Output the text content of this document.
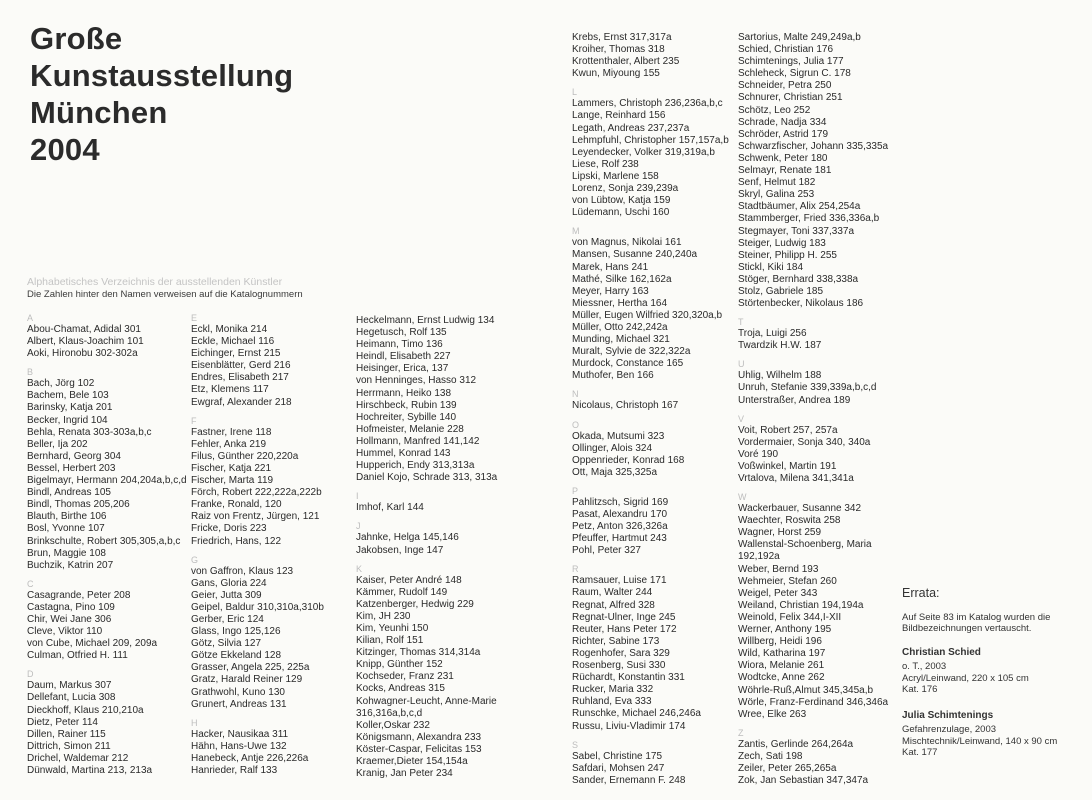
Große
Kunstausstellung
München
2004
Alphabetisches Verzeichnis der ausstellenden Künstler
Die Zahlen hinter den Namen verweisen auf die Katalognummern
A
Abou-Chamat, Adidal 301
Albert, Klaus-Joachim 101
Aoki, Hironobu 302-302a
B
Bach, Jörg 102
Bachem, Bele 103
Barinsky, Katja 201
Becker, Ingrid 104
Behla, Renata 303-303a,b,c
Beller, Ija 202
Bernhard, Georg 304
Bessel, Herbert 203
Bigelmayr, Hermann 204,204a,b,c,d
Bindl, Andreas 105
Bindl, Thomas 205,206
Blauth, Birthe 106
Bosl, Yvonne 107
Brinkschulte, Robert 305,305,a,b,c
Brun, Maggie 108
Buchzik, Katrin 207
C
Casagrande, Peter 208
Castagna, Pino 109
Chir, Wei Jane 306
Cleve, Viktor 110
von Cube, Michael 209, 209a
Culman, Otfried H. 111
D
Daum, Markus 307
Dellefant, Lucia 308
Dieckhoff, Klaus 210,210a
Dietz, Peter 114
Dillen, Rainer 115
Dittrich, Simon 211
Drichel, Waldemar 212
Dünwald, Martina 213, 213a
E
Eckl, Monika 214
Eckle, Michael 116
Eichinger, Ernst 215
Eisenblätter, Gerd 216
Endres, Elisabeth 217
Etz, Klemens 117
Ewgraf, Alexander 218
F
Fastner, Irene 118
Fehler, Anka 219
Filus, Günther 220,220a
Fischer, Katja 221
Fischer, Marta 119
Förch, Robert 222,222a,222b
Franke, Ronald, 120
Raiz von Frentz, Jürgen, 121
Fricke, Doris 223
Friedrich, Hans, 122
G
von Gaffron, Klaus 123
Gans, Gloria 224
Geier, Jutta 309
Geipel, Baldur 310,310a,310b
Gerber, Eric 124
Glass, Ingo 125,126
Götz, Silvia 127
Götze Ekkeland 128
Grasser, Angela 225, 225a
Gratz, Harald Reiner 129
Grathwohl, Kuno 130
Grunert, Andreas 131
H
Hacker, Nausikaa 311
Hähn, Hans-Uwe 132
Hanebeck, Antje 226,226a
Hanrieder, Ralf 133
Heckelmann, Ernst Ludwig 134
Hegetusch, Rolf 135
Heimann, Timo 136
Heindl, Elisabeth 227
Heisinger, Erica, 137
von Henninges, Hasso 312
Herrmann, Heiko 138
Hirschbeck, Rubin 139
Hochreiter, Sybille 140
Hofmeister, Melanie 228
Hollmann, Manfred 141,142
Hummel, Konrad 143
Hupperich, Endy 313,313a
Daniel Kojo, Schrade 313, 313a
I
Imhof, Karl 144
J
Jahnke, Helga 145,146
Jakobsen, Inge 147
K
Kaiser, Peter André 148
Kämmer, Rudolf 149
Katzenberger, Hedwig 229
Kim, JH 230
Kim, Yeunhi 150
Kilian, Rolf 151
Kitzinger, Thomas 314,314a
Knipp, Günther 152
Kochseder, Franz 231
Kocks, Andreas 315
Kohwagner-Leucht, Anne-Marie 316,316a,b,c,d
Koller,Oskar 232
Königsmann, Alexandra 233
Köster-Caspar, Felicitas 153
Kraemer,Dieter 154,154a
Kranig, Jan Peter 234
Krebs, Ernst 317,317a
Kroiher, Thomas 318
Krottenthaler, Albert 235
Kwun, Miyoung 155
L
Lammers, Christoph 236,236a,b,c
Lange, Reinhard 156
Legath, Andreas 237,237a
Lehmpfuhl, Christopher 157,157a,b
Leyendecker, Volker 319,319a,b
Liese, Rolf 238
Lipski, Marlene 158
Lorenz, Sonja 239,239a
von Lübtow, Katja 159
Lüdemann, Uschi 160
M
von Magnus, Nikolai 161
Mansen, Susanne 240,240a
Marek, Hans 241
Mathé, Silke 162,162a
Meyer, Harry 163
Miessner, Hertha 164
Müller, Eugen Wilfried 320,320a,b
Müller, Otto 242,242a
Munding, Michael 321
Muralt, Sylvie de 322,322a
Murdock, Constance 165
Muthofer, Ben 166
N
Nicolaus, Christoph 167
O
Okada, Mutsumi 323
Ollinger, Alois 324
Oppenrieder, Konrad 168
Ott, Maja 325,325a
P
Pahlitzsch, Sigrid 169
Pasat, Alexandru 170
Petz, Anton 326,326a
Pfeuffer, Hartmut 243
Pohl, Peter 327
R
Ramsauer, Luise 171
Raum, Walter 244
Regnat, Alfred 328
Regnat-Ulner, Inge 245
Reuter, Hans Peter 172
Richter, Sabine 173
Rogenhofer, Sara 329
Rosenberg, Susi 330
Rüchardt, Konstantin 331
Rucker, Maria 332
Ruhland, Eva 333
Runschke, Michael 246,246a
Russu, Liviu-Vladimir 174
S
Sabel, Christine 175
Safdari, Mohsen 247
Sander, Ernemann F. 248
Sartorius, Malte 249,249a,b
Schied, Christian 176
Schimtenings, Julia 177
Schleheck, Sigrun C. 178
Schneider, Petra 250
Schnurer, Christian 251
Schötz, Leo 252
Schrade, Nadja 334
Schröder, Astrid 179
Schwarzfischer, Johann 335,335a
Schwenk, Peter 180
Selmayr, Renate 181
Senf, Helmut 182
Skryl, Galina 253
Stadtbäumer, Alix 254,254a
Stammberger, Fried 336,336a,b
Stegmayer, Toni 337,337a
Steiger, Ludwig 183
Steiner, Philipp H. 255
Stickl, Kiki 184
Stöger, Bernhard 338,338a
Stolz, Gabriele 185
Störtenbecker, Nikolaus 186
T
Troja, Luigi 256
Twardzik H.W. 187
U
Uhlig, Wilhelm 188
Unruh, Stefanie 339,339a,b,c,d
Unterstraßer, Andrea 189
V
Voit, Robert 257, 257a
Vordermaier, Sonja 340, 340a
Voré 190
Voßwinkel, Martin 191
Vrtalova, Milena 341,341a
W
Wackerbauer, Susanne 342
Waechter, Roswita 258
Wagner, Horst 259
Wallenstal-Schoenberg, Maria 192,192a
Weber, Bernd 193
Wehmeier, Stefan 260
Weigel, Peter 343
Weiland, Christian 194,194a
Weinold, Felix 344,I-XII
Werner, Anthony 195
Willberg, Heidi 196
Wild, Katharina 197
Wiora, Melanie 261
Wodtcke, Anne 262
Wöhrle-Ruß,Almut 345,345a,b
Wörle, Franz-Ferdinand 346,346a
Wree, Elke 263
Z
Zantis, Gerlinde 264,264a
Zech, Sati 198
Zeiler, Peter 265,265a
Zok, Jan Sebastian 347,347a
Errata:
Auf Seite 83 im Katalog wurden die Bildbezeichnungen vertauscht.
Christian Schied
o. T., 2003
Acryl/Leinwand, 220 x 105 cm
Kat. 176
Julia Schimtenings
Gefahrenzulage, 2003
Mischtechnik/Leinwand, 140 x 90 cm
Kat. 177
